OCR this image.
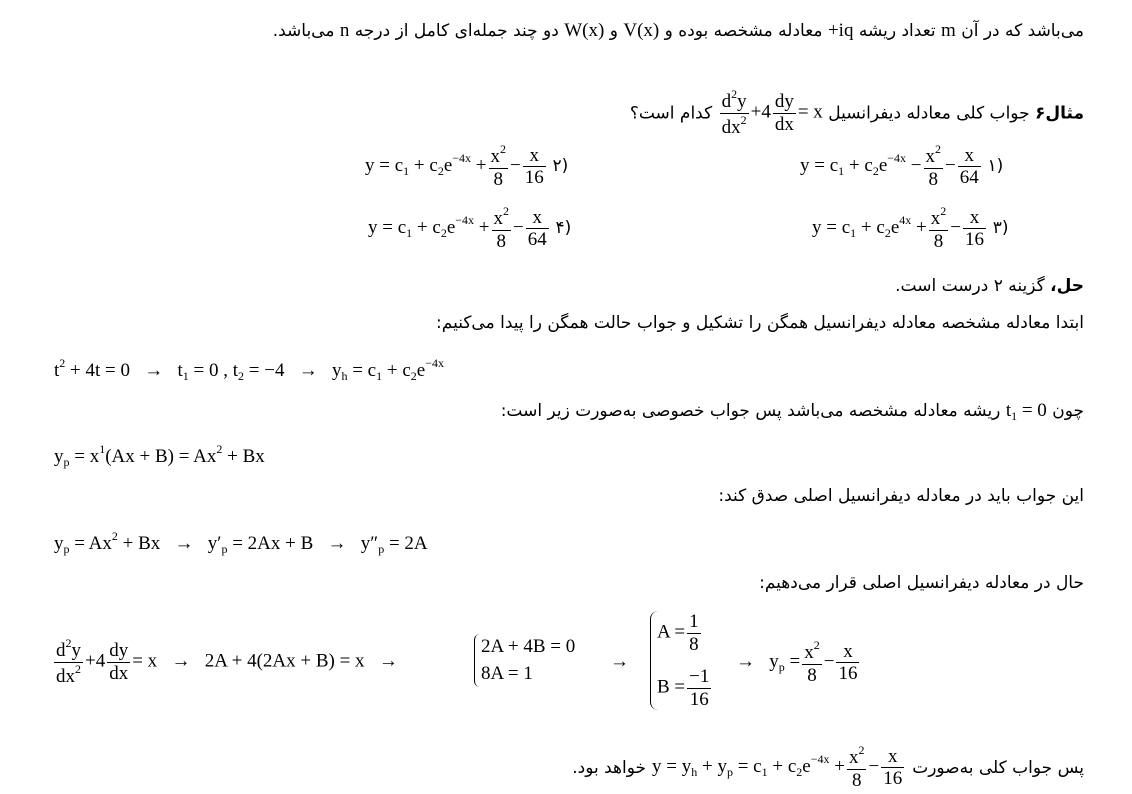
می‌باشد که در آن m تعداد ریشه iq+ معادله مشخصه بوده و V(x) و W(x) دو چند جمله‌ای کامل از درجه n می‌باشد.
مثال۶ جواب کلی معادله دیفرانسیل
$\frac{d^2y}{dx^2} +4 \frac{dy}{dx} = x$ کدام است؟
$y = c_1 + c_2e^{-4x} - \frac{x^2}{8} - \frac{x}{64}$ ۱)
$y = c_1 + c_2e^{-4x} + \frac{x^2}{8} - \frac{x}{16}$ ۲)
$y = c_1 + c_2e^{4x} + \frac{x^2}{8} - \frac{x}{16}$ ۳)
$y = c_1 + c_2e^{-4x} + \frac{x^2}{8} - \frac{x}{64}$ ۴)
حل، گزینه ۲ درست است.
ابتدا معادله مشخصه معادله دیفرانسیل همگن را تشکیل و جواب حالت همگن را پیدا می‌کنیم:
$t^2 + 4t = 0 \to t_1 = 0$ , $t_2 = -4 \to y_h = c_1 + c_2e^{-4x}$
چون $t_1 = 0$ ریشه معادله مشخصه می‌باشد پس جواب خصوصی به‌صورت زیر است:
$y_p = x^1(Ax + B) = Ax^2 + Bx$
این جواب باید در معادله دیفرانسیل اصلی صدق کند:
$y_p = Ax^2 + Bx \to y'_p = 2Ax + B \to y''_p = 2A$
حال در معادله دیفرانسیل اصلی قرار می‌دهیم:
$\frac{d^2y}{dx^2} +4 \frac{dy}{dx} = x \to 2A + 4(2Ax + B) = x$ →
2A + 4B = 0
8A = 1
→
$A = \frac{1}{8}$
$B = \frac{-1}{16}$
→ $y_p = \frac{x^2}{8} - \frac{x}{16}$
پس جواب کلی به‌صورت
$y = y_h + y_p = c_1 + c_2e^{-4x} + \frac{x^2}{8} - \frac{x}{16}$
خواهد بود.
